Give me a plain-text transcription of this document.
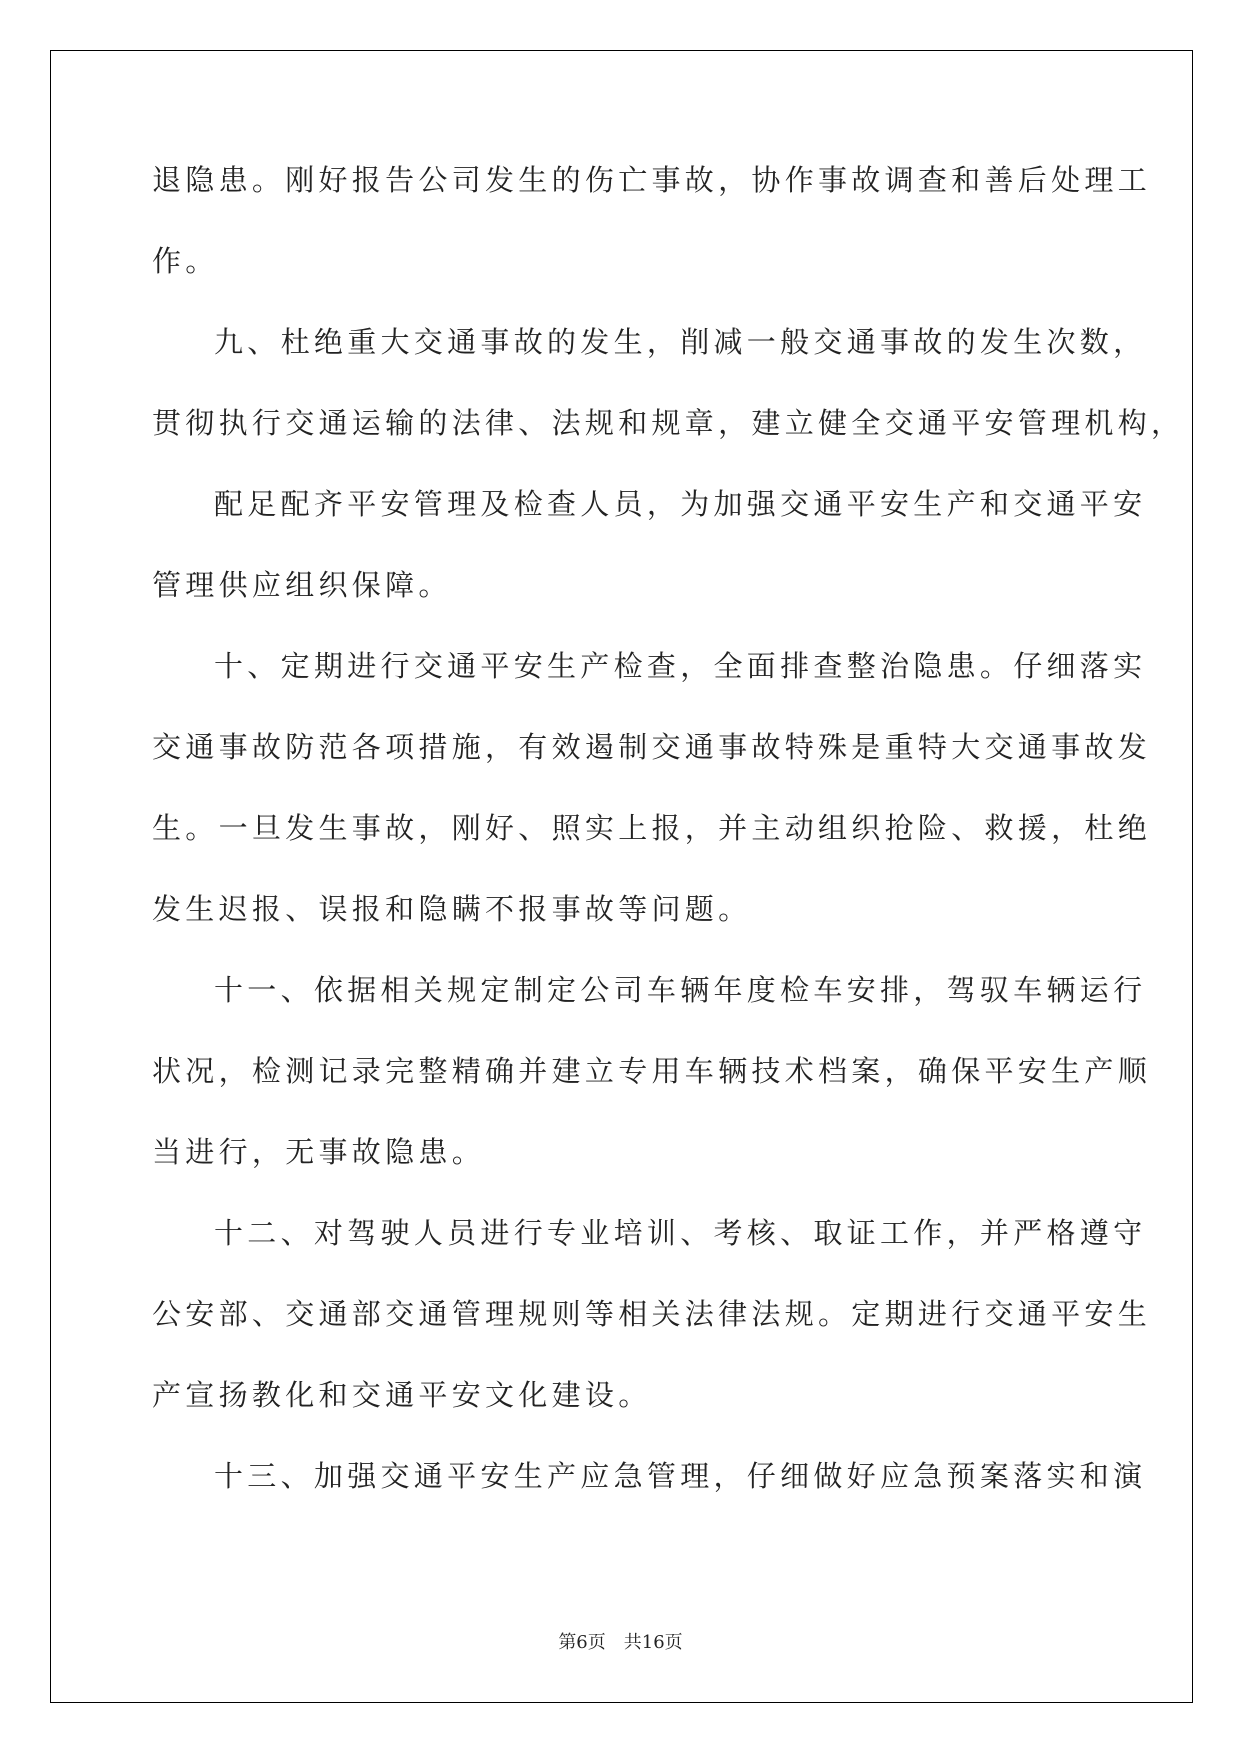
退隐患。刚好报告公司发生的伤亡事故，协作事故调查和善后处理工

作。

九、杜绝重大交通事故的发生，削减一般交通事故的发生次数，

贯彻执行交通运输的法律、法规和规章，建立健全交通平安管理机构，

配足配齐平安管理及检查人员，为加强交通平安生产和交通平安

管理供应组织保障。

十、定期进行交通平安生产检查，全面排查整治隐患。仔细落实

交通事故防范各项措施，有效遏制交通事故特殊是重特大交通事故发

生。一旦发生事故，刚好、照实上报，并主动组织抢险、救援，杜绝

发生迟报、误报和隐瞒不报事故等问题。

十一、依据相关规定制定公司车辆年度检车安排，驾驭车辆运行

状况，检测记录完整精确并建立专用车辆技术档案，确保平安生产顺

当进行，无事故隐患。

十二、对驾驶人员进行专业培训、考核、取证工作，并严格遵守

公安部、交通部交通管理规则等相关法律法规。定期进行交通平安生

产宣扬教化和交通平安文化建设。

十三、加强交通平安生产应急管理，仔细做好应急预案落实和演

第6页 共16页
